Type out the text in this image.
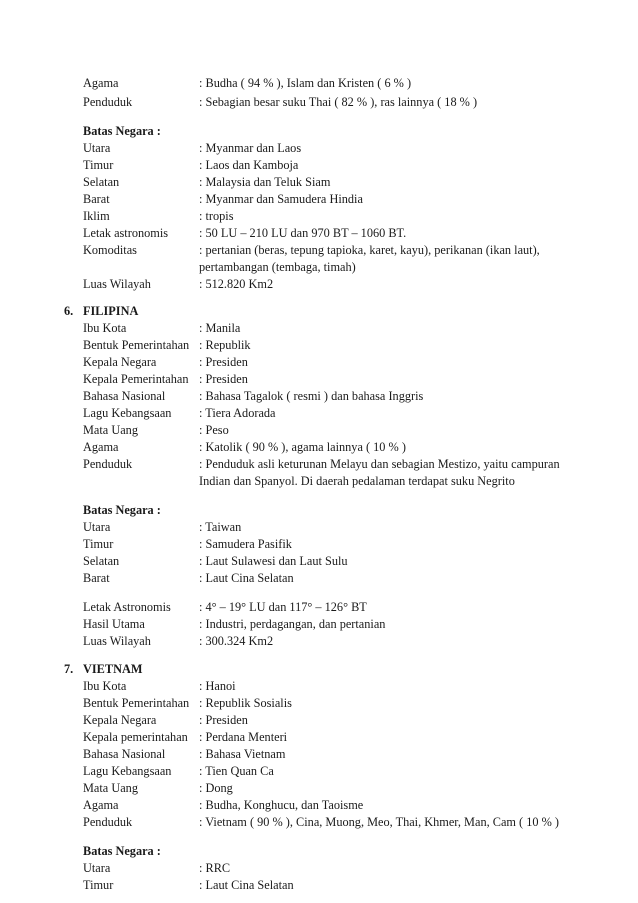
Agama	: Budha ( 94 % ), Islam dan Kristen ( 6 % )
Penduduk	: Sebagian besar suku Thai ( 82 % ), ras lainnya ( 18 % )
Batas Negara :
Utara	: Myanmar dan Laos
Timur	: Laos dan Kamboja
Selatan	: Malaysia dan Teluk Siam
Barat	: Myanmar dan Samudera Hindia
Iklim	: tropis
Letak astronomis	: 50 LU – 210 LU dan 970 BT – 1060 BT.
Komoditas	: pertanian (beras, tepung tapioka, karet, kayu), perikanan (ikan laut),
pertambangan (tembaga, timah)
Luas Wilayah	: 512.820 Km2
6. FILIPINA
Ibu Kota	: Manila
Bentuk Pemerintahan : Republik
Kepala Negara	: Presiden
Kepala Pemerintahan : Presiden
Bahasa Nasional	: Bahasa Tagalok ( resmi ) dan bahasa Inggris
Lagu Kebangsaan : Tiera Adorada
Mata Uang	: Peso
Agama	: Katolik ( 90 % ), agama lainnya ( 10 % )
Penduduk	: Penduduk asli keturunan Melayu dan sebagian Mestizo, yaitu campuran
Indian dan Spanyol. Di daerah pedalaman terdapat suku Negrito
Batas Negara :
Utara	: Taiwan
Timur	: Samudera Pasifik
Selatan	: Laut Sulawesi dan Laut Sulu
Barat	: Laut Cina Selatan
Letak Astronomis : 4° – 19° LU dan 117° – 126° BT
Hasil Utama	: Industri, perdagangan, dan pertanian
Luas Wilayah	: 300.324 Km2
7. VIETNAM
Ibu Kota	: Hanoi
Bentuk Pemerintahan : Republik Sosialis
Kepala Negara	: Presiden
Kepala pemerintahan : Perdana Menteri
Bahasa Nasional	: Bahasa Vietnam
Lagu Kebangsaan : Tien Quan Ca
Mata Uang	: Dong
Agama	: Budha, Konghucu, dan Taoisme
Penduduk	: Vietnam ( 90 % ), Cina, Muong, Meo, Thai, Khmer, Man, Cam ( 10 % )
Batas Negara :
Utara	: RRC
Timur	: Laut Cina Selatan
